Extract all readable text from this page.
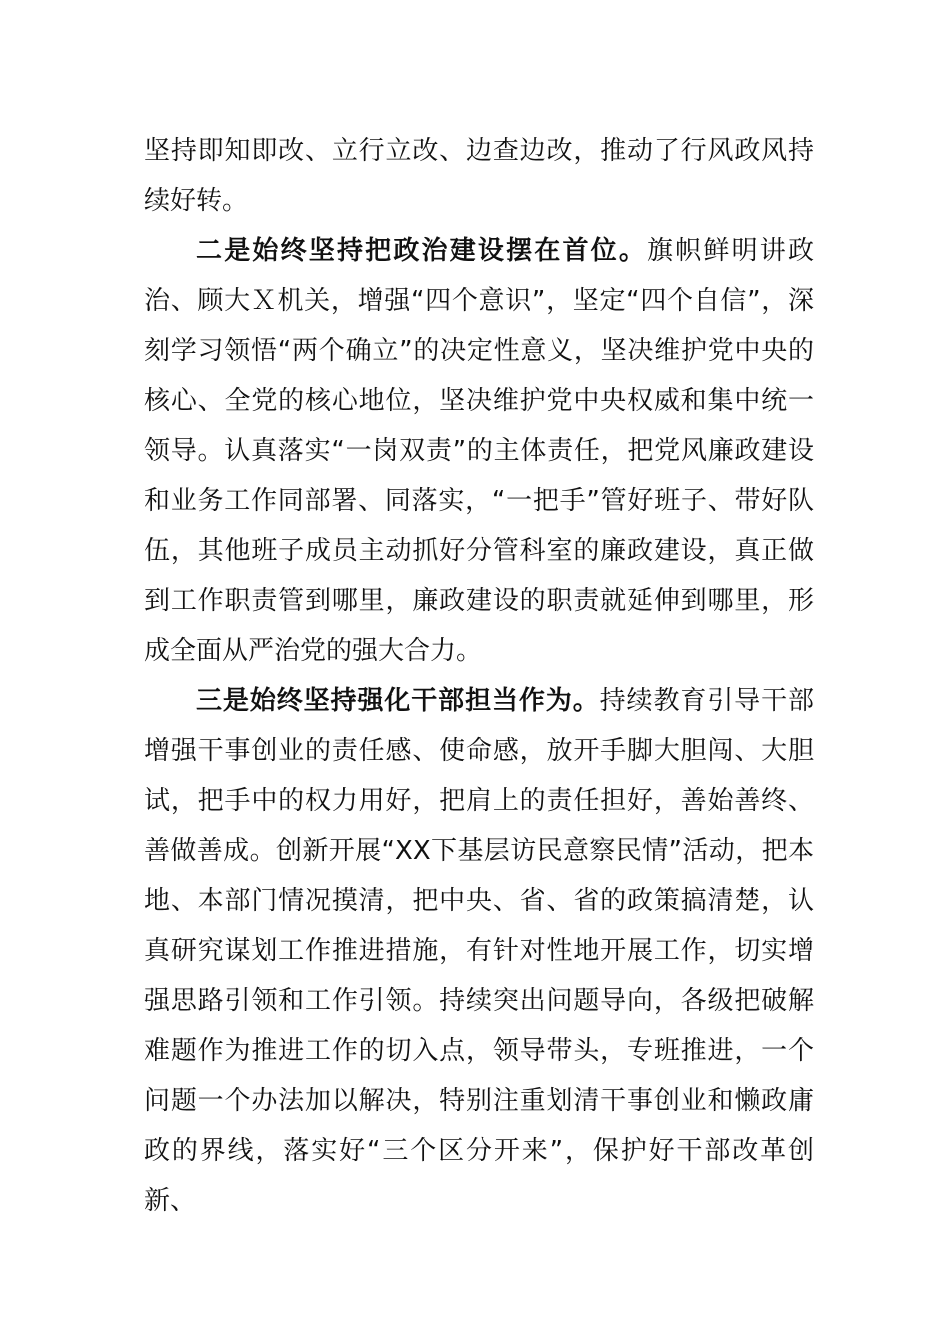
坚持即知即改、立行立改、边查边改，推动了行风政风持续好转。

二是始终坚持把政治建设摆在首位。旗帜鲜明讲政治、顾大Ｘ机关，增强“四个意识”，坚定“四个自信”，深刻学习领悟“两个确立”的决定性意义，坚决维护党中央的核心、全党的核心地位，坚决维护党中央权威和集中统一领导。认真落实“一岗双责”的主体责任，把党风廉政建设和业务工作同部署、同落实，“一把手”管好班子、带好队伍，其他班子成员主动抓好分管科室的廉政建设，真正做到工作职责管到哪里，廉政建设的职责就延伸到哪里，形成全面从严治党的强大合力。

三是始终坚持强化干部担当作为。持续教育引导干部增强干事创业的责任感、使命感，放开手脚大胆闯、大胆试，把手中的权力用好，把肩上的责任担好，善始善终、善做善成。创新开展“XX下基层访民意察民情”活动，把本地、本部门情况摸清，把中央、省、省的政策搞清楚，认真研究谋划工作推进措施，有针对性地开展工作，切实增强思路引领和工作引领。持续突出问题导向，各级把破解难题作为推进工作的切入点，领导带头，专班推进，一个问题一个办法加以解决，特别注重划清干事创业和懒政庸政的界线，落实好“三个区分开来”，保护好干部改革创新、
